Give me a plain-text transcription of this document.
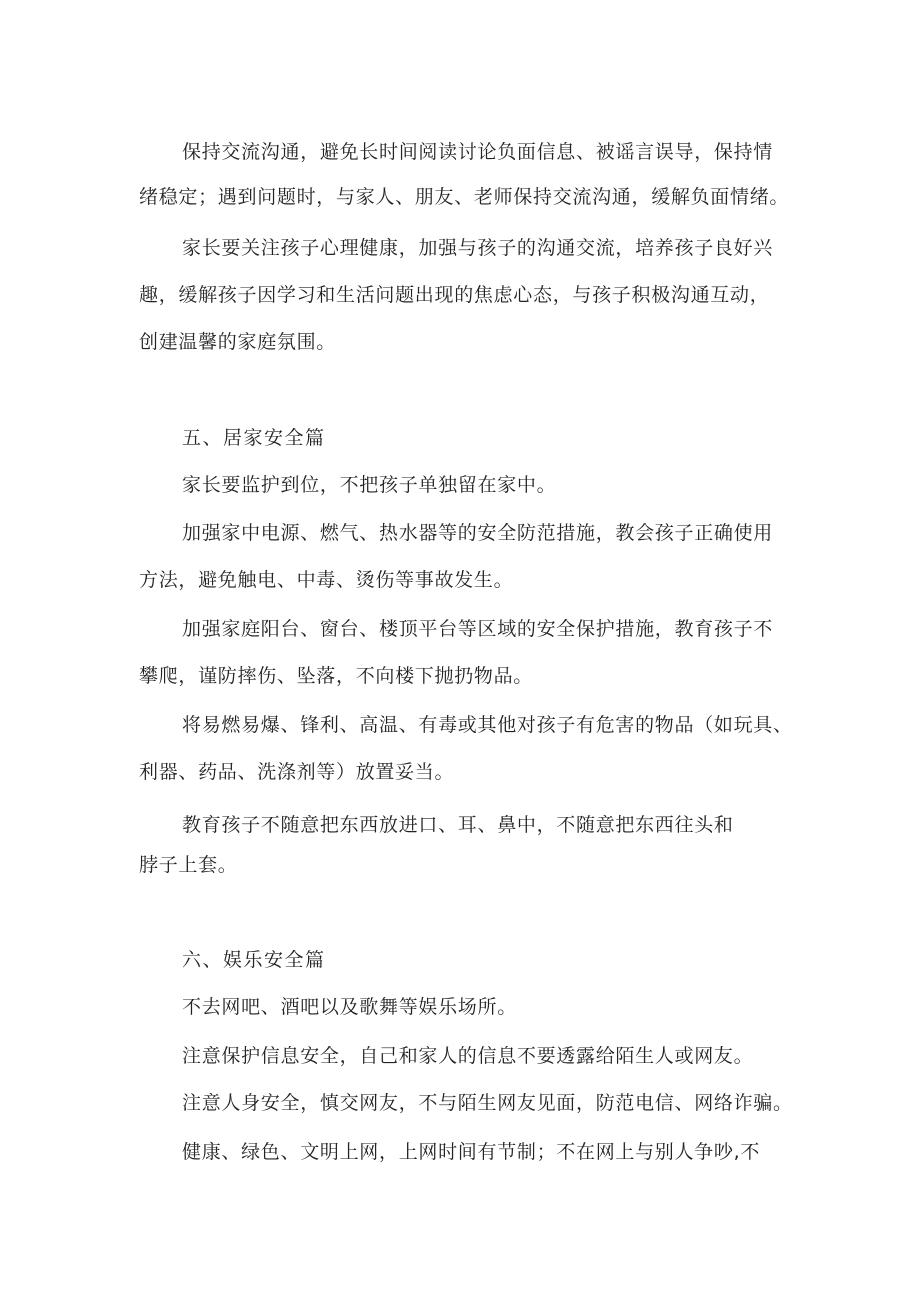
保持交流沟通，避免长时间阅读讨论负面信息、被谣言误导，保持情
绪稳定；遇到问题时，与家人、朋友、老师保持交流沟通，缓解负面情绪。
家长要关注孩子心理健康，加强与孩子的沟通交流，培养孩子良好兴
趣，缓解孩子因学习和生活问题出现的焦虑心态，与孩子积极沟通互动，
创建温馨的家庭氛围。
五、居家安全篇
家长要监护到位，不把孩子单独留在家中。
加强家中电源、燃气、热水器等的安全防范措施，教会孩子正确使用
方法，避免触电、中毒、烫伤等事故发生。
加强家庭阳台、窗台、楼顶平台等区域的安全保护措施，教育孩子不
攀爬，谨防摔伤、坠落，不向楼下抛扔物品。
将易燃易爆、锋利、高温、有毒或其他对孩子有危害的物品（如玩具、
利器、药品、洗涤剂等）放置妥当。
教育孩子不随意把东西放进口、耳、鼻中，不随意把东西往头和
脖子上套。
六、娱乐安全篇
不去网吧、酒吧以及歌舞等娱乐场所。
注意保护信息安全，自己和家人的信息不要透露给陌生人或网友。
注意人身安全，慎交网友，不与陌生网友见面，防范电信、网络诈骗。
健康、绿色、文明上网，上网时间有节制；不在网上与别人争吵,不
